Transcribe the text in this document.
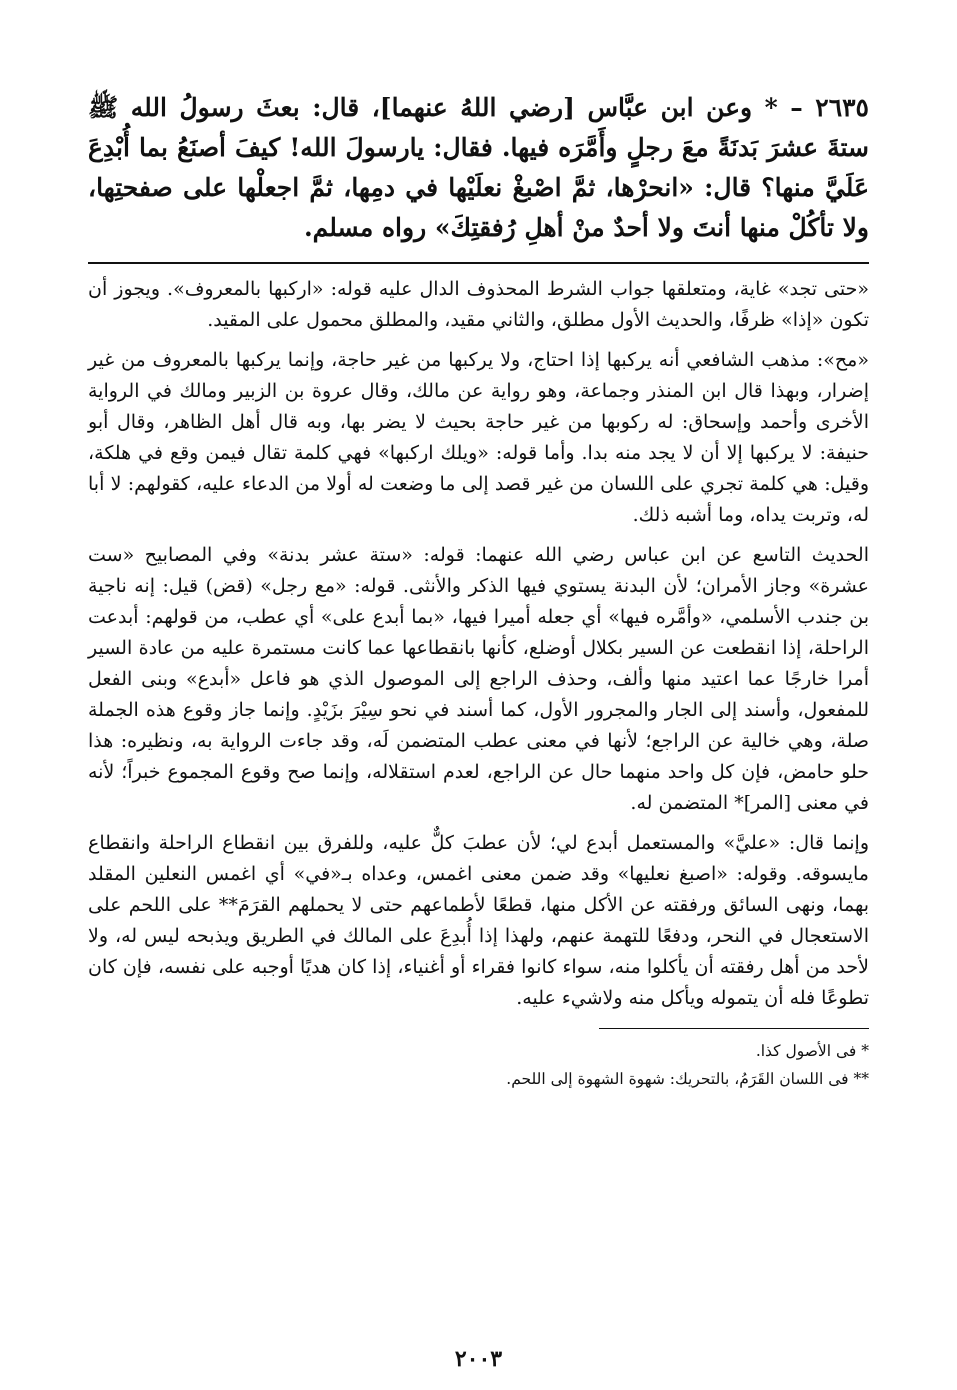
٢٦٣٥ – * وعن ابن عبَّاس [رضي اللهُ عنهما]، قال: بعثَ رسولُ الله ﷺ ستةَ عشرَ بَدنَةً معَ رجلٍ وأَمَّرَه فيها. فقال: يارسولَ الله! كيفَ أصنَعُ بما أُبْدِعَ عَلَيَّ منها؟ قال: «انحرْها، ثمَّ اصْبغْ نعلَيْها في دمِها، ثمَّ اجعلْها على صفحتِها، ولا تأكُلْ منها أنتَ ولا أحدٌ منْ أهلِ رُفقتِكَ» رواه مسلم.

«حتى تجد» غاية، ومتعلقها جواب الشرط المحذوف الدال عليه قوله: «اركبها بالمعروف». ويجوز أن تكون «إذا» ظرفًا، والحديث الأول مطلق، والثاني مقيد، والمطلق محمول على المقيد.

«مح»: مذهب الشافعي أنه يركبها إذا احتاج، ولا يركبها من غير حاجة، وإنما يركبها بالمعروف من غير إضرار، وبهذا قال ابن المنذر وجماعة، وهو رواية عن مالك، وقال عروة بن الزبير ومالك في الرواية الأخرى وأحمد وإسحاق: له ركوبها من غير حاجة بحيث لا يضر بها، وبه قال أهل الظاهر، وقال أبو حنيفة: لا يركبها إلا أن لا يجد منه بدا. وأما قوله: «ويلك اركبها» فهي كلمة تقال فيمن وقع في هلكة، وقيل: هي كلمة تجري على اللسان من غير قصد إلى ما وضعت له أولا من الدعاء عليه، كقولهم: لا أبا له، وتربت يداه، وما أشبه ذلك.

الحديث التاسع عن ابن عباس رضي الله عنهما: قوله: «ستة عشر بدنة» وفي المصابيح «ست عشرة» وجاز الأمران؛ لأن البدنة يستوي فيها الذكر والأنثى. قوله: «مع رجل» (قض) قيل: إنه ناجية بن جندب الأسلمي، «وأمَّره فيها» أي جعله أميرا فيها، «بما أبدع على» أي عطب، من قولهم: أبدعت الراحلة، إذا انقطعت عن السير بكلال أوضلع، كأنها بانقطاعها عما كانت مستمرة عليه من عادة السير أمرا خارجًا عما اعتيد منها وألف، وحذف الراجع إلى الموصول الذي هو فاعل «أبدع» وبنى الفعل للمفعول، وأسند إلى الجار والمجرور الأول، كما أسند في نحو سِيْرَ بزَيْدٍ. وإنما جاز وقوع هذه الجملة صلة، وهي خالية عن الراجع؛ لأنها في معنى عطب المتضمن لَه، وقد جاءت الرواية به، ونظيره: هذا حلو حامض، فإن كل واحد منهما حال عن الراجع، لعدم استقلاله، وإنما صح وقوع المجموع خبراً؛ لأنه في معنى [المر]* المتضمن له.

وإنما قال: «عليَّ» والمستعمل أبدع لي؛ لأن عطبَ كلٌّ عليه، وللفرق بين انقطاع الراحلة وانقطاع مايسوقه. وقوله: «اصبغ نعليها» وقد ضمن معنى اغمس، وعداه بـ«في» أي اغمس النعلين المقلد بهما، ونهى السائق ورفقته عن الأكل منها، قطعًا لأطماعهم حتى لا يحملهم القرَمَ** على اللحم على الاستعجال في النحر، ودفعًا للتهمة عنهم، ولهذا إذا أُبدِعَ على المالك في الطريق ويذبحه ليس له، ولا لأحد من أهل رفقته أن يأكلوا منه، سواء كانوا فقراء أو أغنياء، إذا كان هديًا أوجبه على نفسه، فإن كان تطوعًا فله أن يتموله ويأكل منه ولاشيء عليه.

* فى الأصول كذا.

** فى اللسان القَرَمُ، بالتحريك: شهوة الشهوة إلى اللحم.

٢٠٠٣
